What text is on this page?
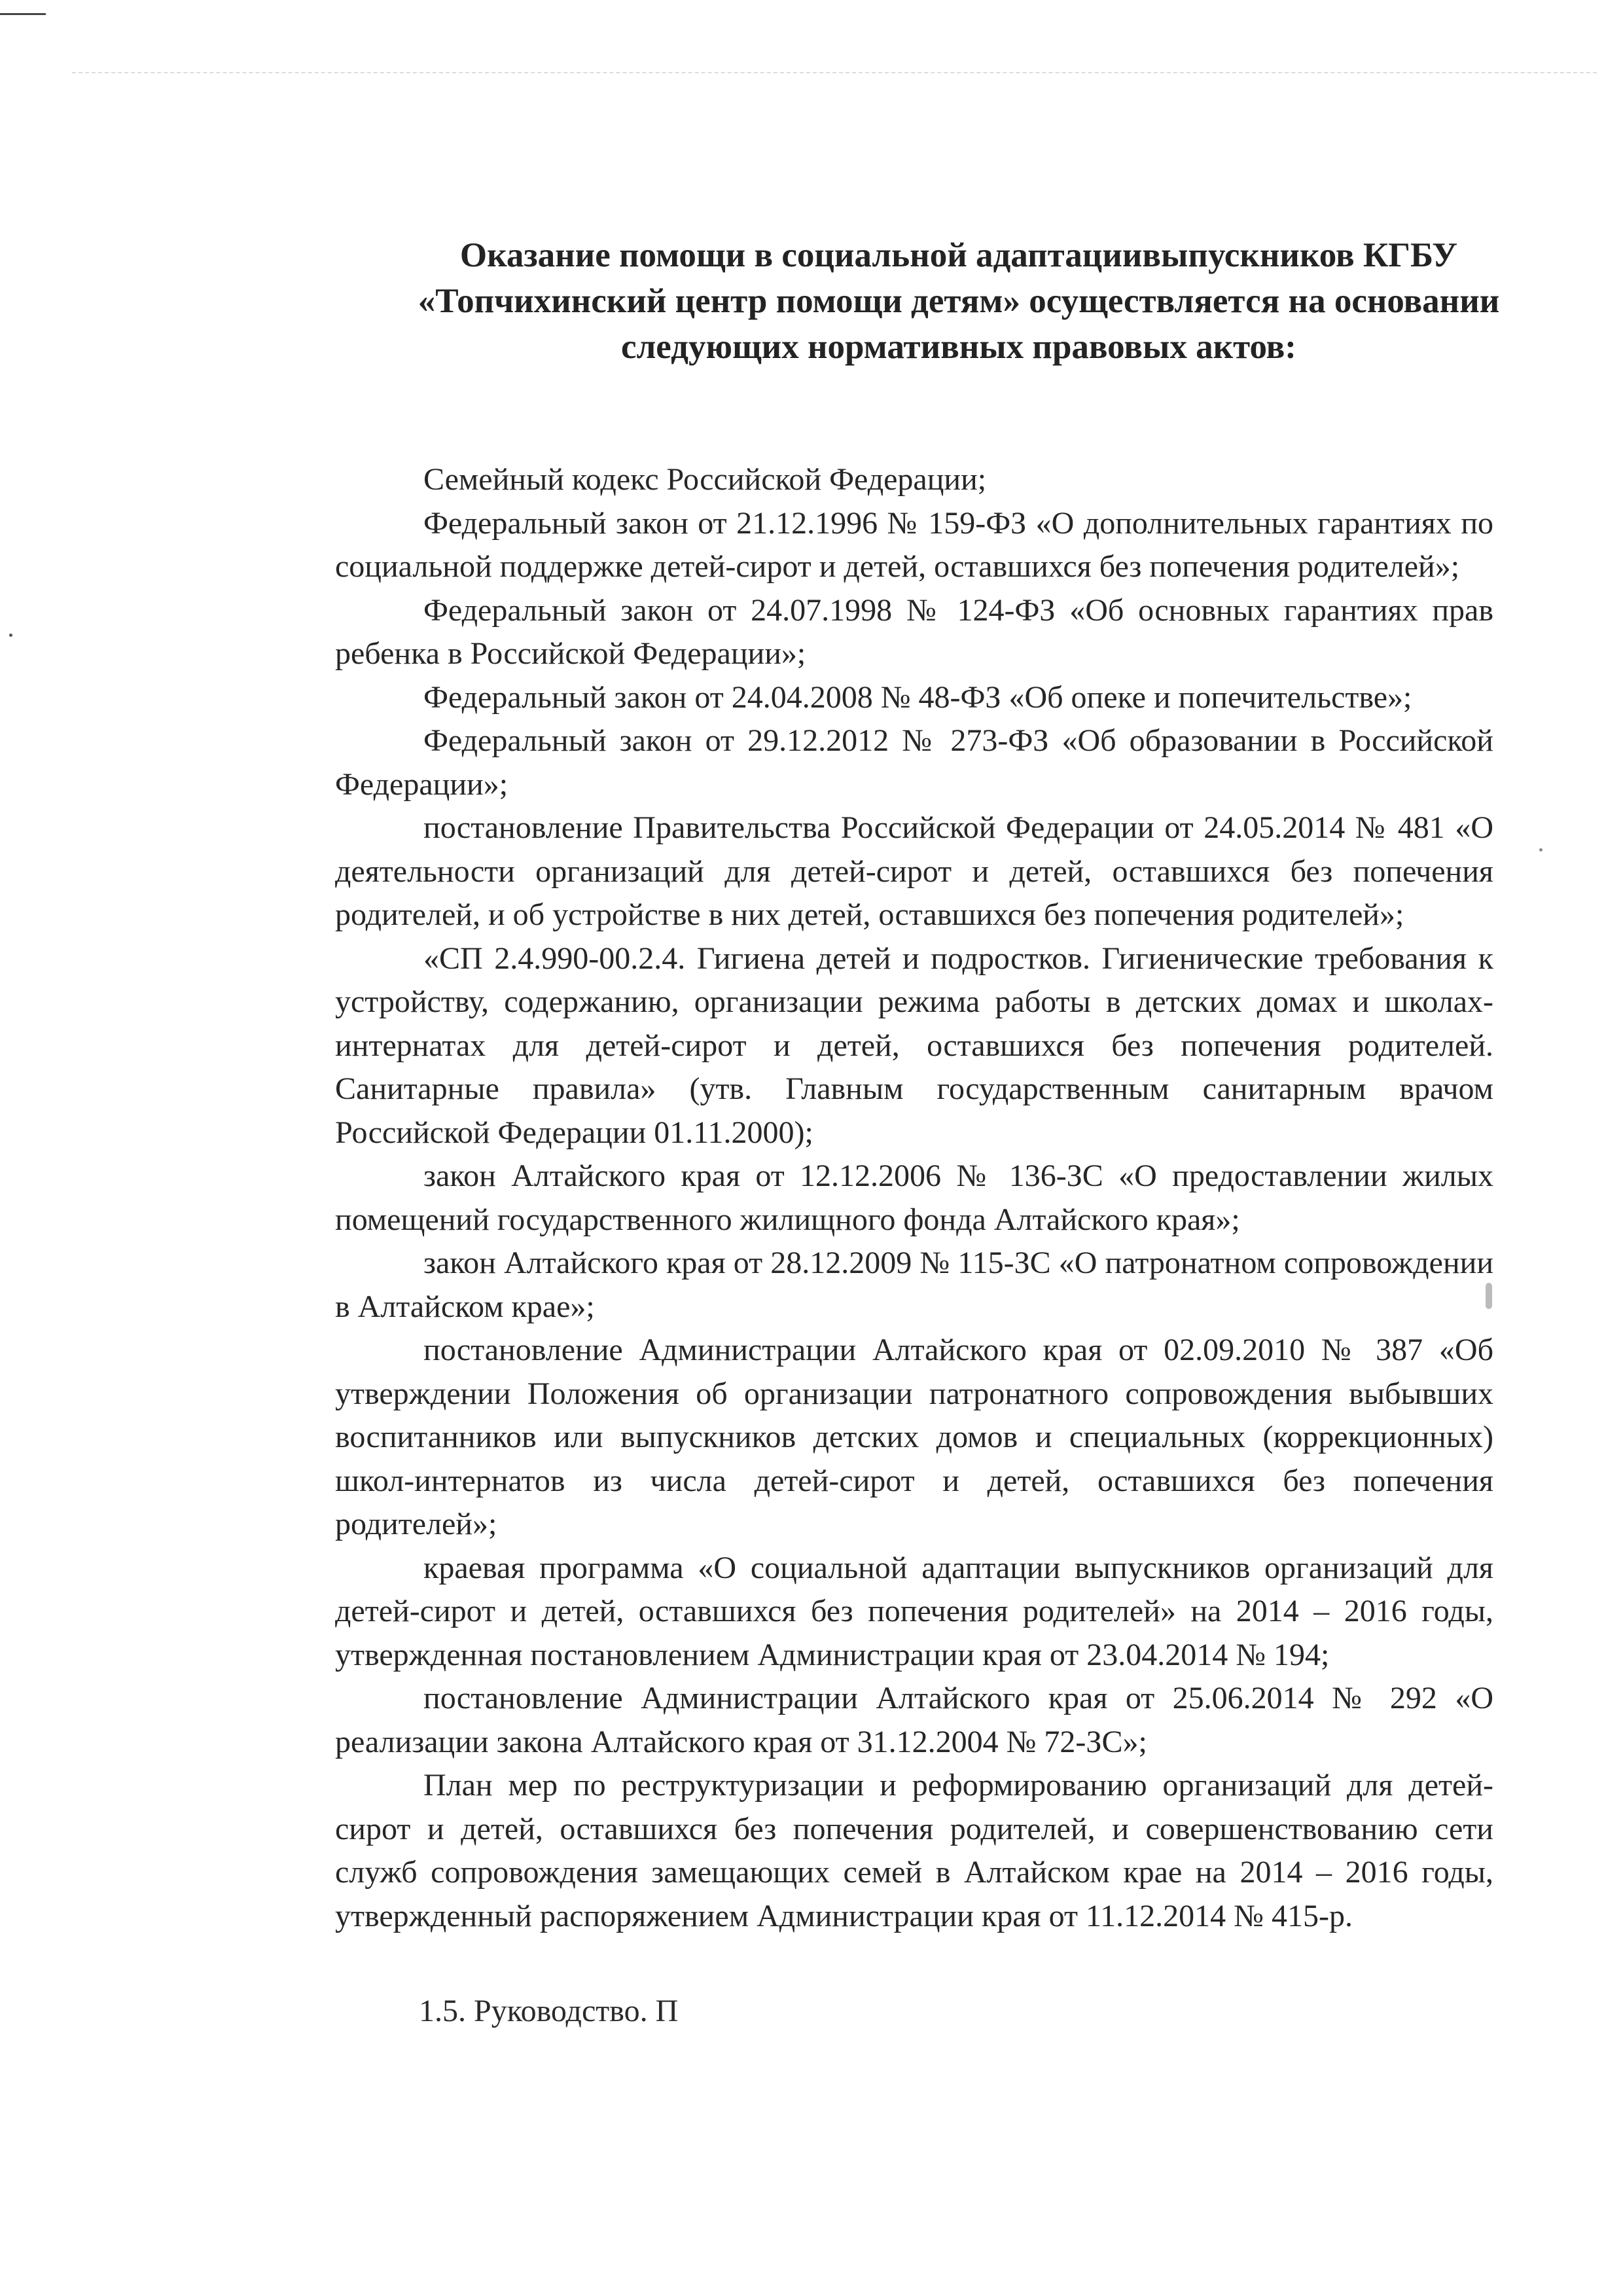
Оказание помощи в социальной адаптациивыпускников КГБУ
«Топчихинский центр помощи детям» осуществляется на основании
следующих нормативных правовых актов:

Семейный кодекс Российской Федерации;

Федеральный закон от 21.12.1996 № 159-ФЗ «О дополнительных гарантиях по социальной поддержке детей-сирот и детей, оставшихся без попечения родителей»;

Федеральный закон от 24.07.1998 № 124-ФЗ «Об основных гарантиях прав ребенка в Российской Федерации»;

Федеральный закон от 24.04.2008 № 48-ФЗ «Об опеке и попечительстве»;

Федеральный закон от 29.12.2012 № 273-ФЗ «Об образовании в Российской Федерации»;

постановление Правительства Российской Федерации от 24.05.2014 № 481 «О деятельности организаций для детей-сирот и детей, оставшихся без попечения родителей, и об устройстве в них детей, оставшихся без попечения родителей»;

«СП 2.4.990-00.2.4. Гигиена детей и подростков. Гигиенические требования к устройству, содержанию, организации режима работы в детских домах и школах-интернатах для детей-сирот и детей, оставшихся без попечения родителей. Санитарные правила» (утв. Главным государственным санитарным врачом Российской Федерации 01.11.2000);

закон Алтайского края от 12.12.2006 № 136-ЗС «О предоставлении жилых помещений государственного жилищного фонда Алтайского края»;

закон Алтайского края от 28.12.2009 № 115-ЗС «О патронатном сопровождении в Алтайском крае»;

постановление Администрации Алтайского края от 02.09.2010 № 387 «Об утверждении Положения об организации патронатного сопровождения выбывших воспитанников или выпускников детских домов и специальных (коррекционных) школ-интернатов из числа детей-сирот и детей, оставшихся без попечения родителей»;

краевая программа «О социальной адаптации выпускников организаций для детей-сирот и детей, оставшихся без попечения родителей» на 2014 – 2016 годы, утвержденная постановлением Администрации края от 23.04.2014 № 194;

постановление Администрации Алтайского края от 25.06.2014 № 292 «О реализации закона Алтайского края от 31.12.2004 № 72-ЗС»;

План мер по реструктуризации и реформированию организаций для детей-сирот и детей, оставшихся без попечения родителей, и совершенствованию сети служб сопровождения замещающих семей в Алтайском крае на 2014 – 2016 годы, утвержденный распоряжением Администрации края от 11.12.2014 № 415-р.

1.5. Руководство. П
